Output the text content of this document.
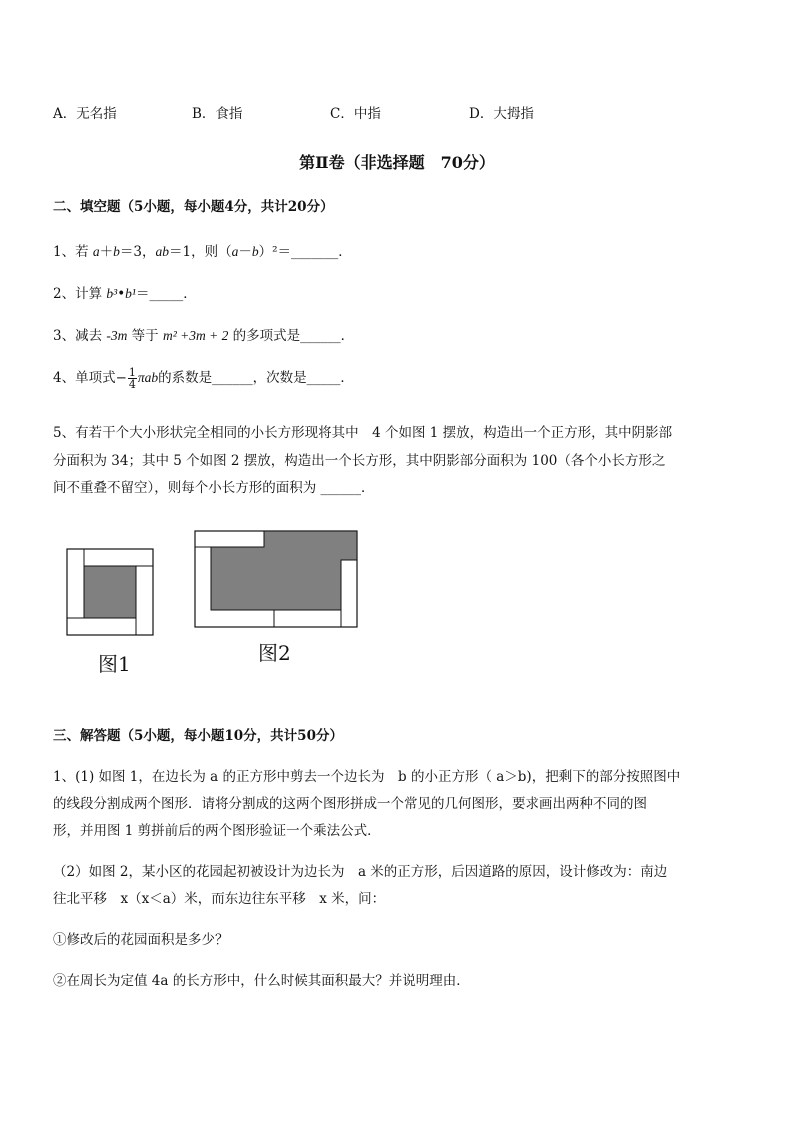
A．无名指	B．食指	C．中指	D．大拇指
第Ⅱ卷（非选择题　70分）
二、填空题（5小题，每小题4分，共计20分）
1、若 a＋b＝3，ab＝1，则（a－b）²＝_______．
2、计算 b³•b¹＝_____．
3、减去 -3m 等于 m² +3m + 2 的多项式是______．
4、单项式− $\frac{1}{4}$ πab的系数是______，次数是_____．
5、有若干个大小形状完全相同的小长方形现将其中　4 个如图 1 摆放，构造出一个正方形，其中阴影部
分面积为 34；其中 5 个如图 2 摆放，构造出一个长方形，其中阴影部分面积为 100（各个小长方形之
间不重叠不留空），则每个小长方形的面积为 ______．
图1	图2
三、解答题（5小题，每小题10分，共计50分）
1、(1) 如图 1，在边长为 a 的正方形中剪去一个边长为　b 的小正方形（ a＞b)，把剩下的部分按照图中
的线段分割成两个图形．请将分割成的这两个图形拼成一个常见的几何图形，要求画出两种不同的图
形，并用图 1 剪拼前后的两个图形验证一个乘法公式．
（2）如图 2，某小区的花园起初被设计为边长为　a 米的正方形，后因道路的原因，设计修改为：南边
往北平移　x（x＜a）米，而东边往东平移　x 米，问：
①修改后的花园面积是多少？
②在周长为定值 4a 的长方形中，什么时候其面积最大？并说明理由．
